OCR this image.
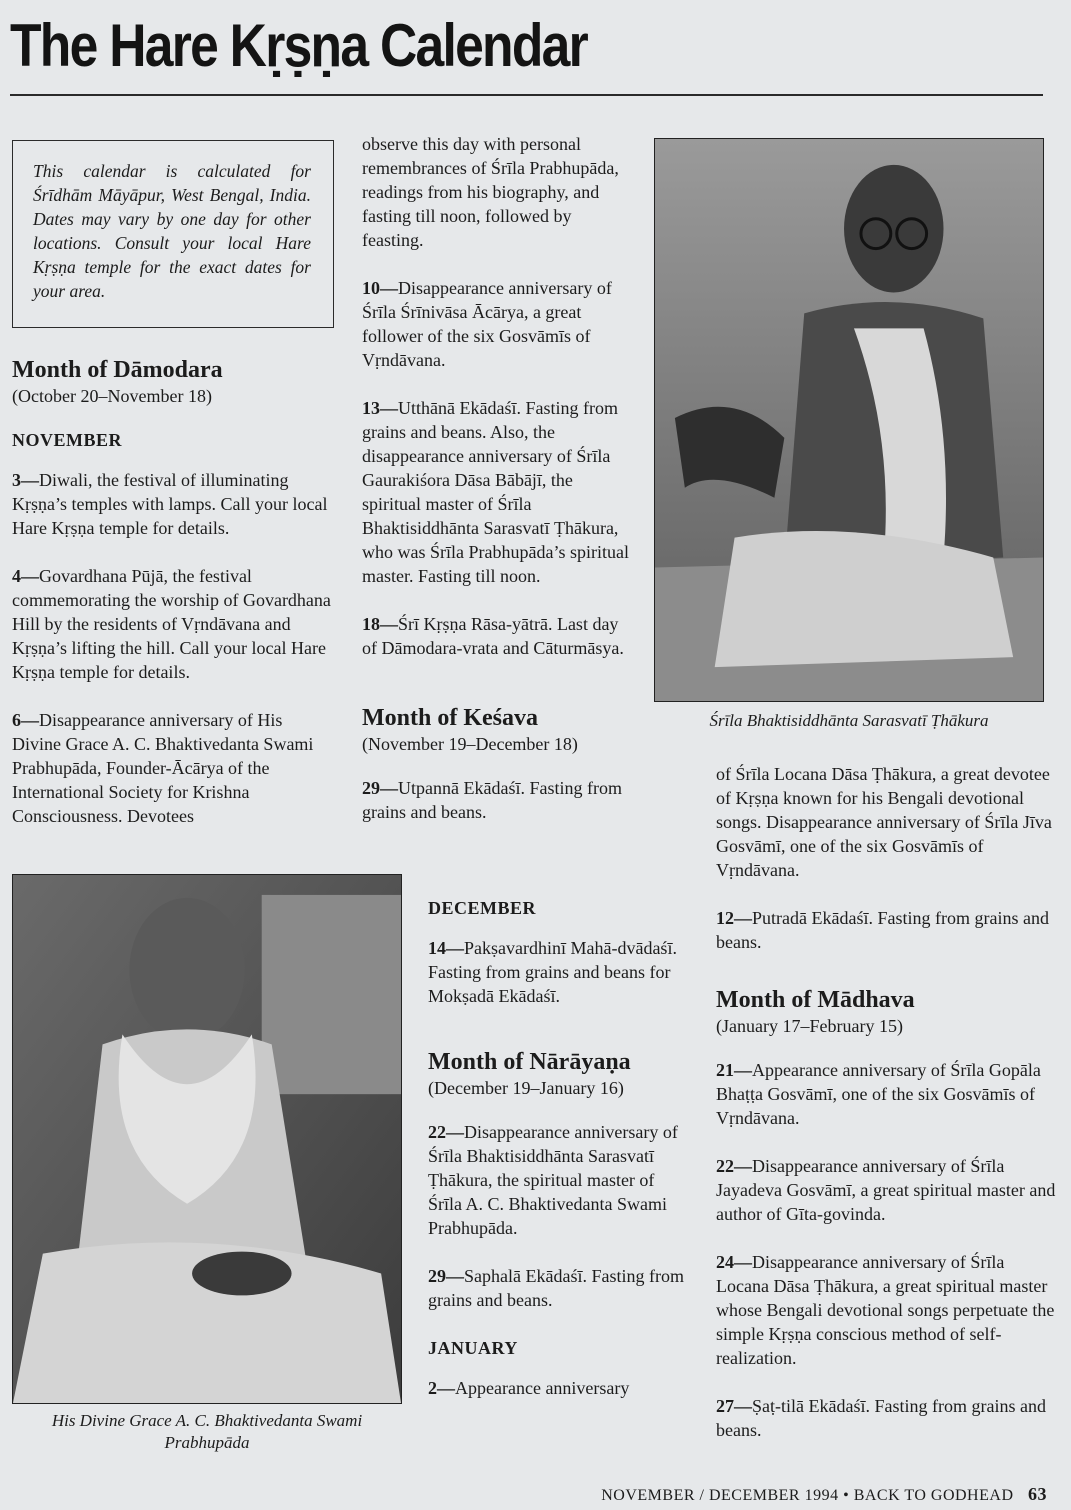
The Hare Kṛṣṇa Calendar
This calendar is calculated for Śrīdhām Māyāpur, West Bengal, India. Dates may vary by one day for other locations. Consult your local Hare Kṛṣṇa temple for the exact dates for your area.
Month of Dāmodara
(October 20–November 18)
NOVEMBER

3—Diwali, the festival of illuminating Kṛṣṇa’s temples with lamps. Call your local Hare Kṛṣṇa temple for details.

4—Govardhana Pūjā, the festival commemorating the worship of Govardhana Hill by the residents of Vṛndāvana and Kṛṣṇa’s lifting the hill. Call your local Hare Kṛṣṇa temple for details.

6—Disappearance anniversary of His Divine Grace A. C. Bhaktivedanta Swami Prabhupāda, Founder-Ācārya of the International Society for Krishna Consciousness. Devotees

observe this day with personal remembrances of Śrīla Prabhupāda, readings from his biography, and fasting till noon, followed by feasting.

10—Disappearance anniversary of Śrīla Śrīnivāsa Ācārya, a great follower of the six Gosvāmīs of Vṛndāvana.

13—Utthānā Ekādaśī. Fasting from grains and beans. Also, the disappearance anniversary of Śrīla Gaurakiśora Dāsa Bābājī, the spiritual master of Śrīla Bhaktisiddhānta Sarasvatī Ṭhākura, who was Śrīla Prabhupāda’s spiritual master. Fasting till noon.

18—Śrī Kṛṣṇa Rāsa-yātrā. Last day of Dāmodara-vrata and Cāturmāsya.

Month of Keśava
(November 19–December 18)

29—Utpannā Ekādaśī. Fasting from grains and beans.

DECEMBER

14—Pakṣavardhinī Mahā-dvādaśī. Fasting from grains and beans for Mokṣadā Ekādaśī.

Month of Nārāyaṇa
(December 19–January 16)

22—Disappearance anniversary of Śrīla Bhaktisiddhānta Sarasvatī Ṭhākura, the spiritual master of Śrīla A. C. Bhaktivedanta Swami Prabhupāda.

29—Saphalā Ekādaśī. Fasting from grains and beans.

JANUARY

2—Appearance anniversary

of Śrīla Locana Dāsa Ṭhākura, a great devotee of Kṛṣṇa known for his Bengali devotional songs. Disappearance anniversary of Śrīla Jīva Gosvāmī, one of the six Gosvāmīs of Vṛndāvana.

12—Putradā Ekādaśī. Fasting from grains and beans.

Month of Mādhava
(January 17–February 15)

21—Appearance anniversary of Śrīla Gopāla Bhaṭṭa Gosvāmī, one of the six Gosvāmīs of Vṛndāvana.

22—Disappearance anniversary of Śrīla Jayadeva Gosvāmī, a great spiritual master and author of Gīta-govinda.

24—Disappearance anniversary of Śrīla Locana Dāsa Ṭhākura, a great spiritual master whose Bengali devotional songs perpetuate the simple Kṛṣṇa conscious method of self-realization.

27—Ṣaṭ-tilā Ekādaśī. Fasting from grains and beans.

Śrīla Bhaktisiddhānta Sarasvatī Ṭhākura
His Divine Grace A. C. Bhaktivedanta Swami Prabhupāda
NOVEMBER / DECEMBER 1994 • BACK TO GODHEAD 63
